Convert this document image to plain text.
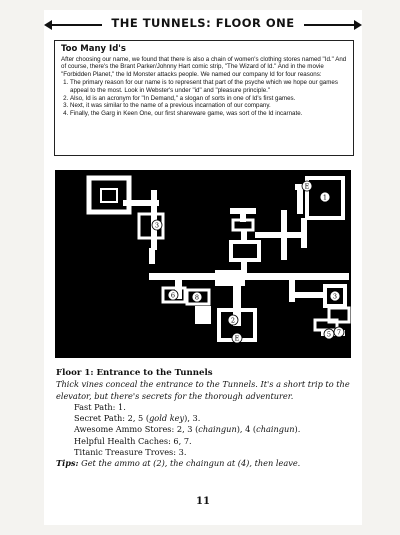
THE TUNNELS: FLOOR ONE
Too Many Id's

After choosing our name, we found that there is also a chain of women's clothing stores named "Id." And of course, there's the Brant Parker/Johnny Hart comic strip, "The Wizard of Id." And in the movie "Forbidden Planet," the Id Monster attacks people. We named our company Id for four reasons:

1. The primary reason for our name is to represent that part of the psyche which we hope our games appeal to the most. Look in Webster's under "id" and "pleasure principle."
2. Also, Id is an acronym for "In Demand," a slogan of sorts in one of Id's first games.
3. Next, it was similar to the name of a previous incarnation of our company.
4. Finally, the Garg in Keen One, our first shareware game, was sort of the Id incarnate.
E
1
2
3
3
5
6
7
8
E
Floor 1: Entrance to the Tunnels
Thick vines conceal the entrance to the Tunnels. It's a short trip to the elevator, but there's secrets for the thorough adventurer.
Fast Path: 1.
Secret Path: 2, 5 (gold key), 3.
Awesome Ammo Stores: 2, 3 (chaingun), 4 (chaingun).
Helpful Health Caches: 6, 7.
Titanic Treasure Troves: 3.
Tips: Get the ammo at (2), the chaingun at (4), then leave.
11
